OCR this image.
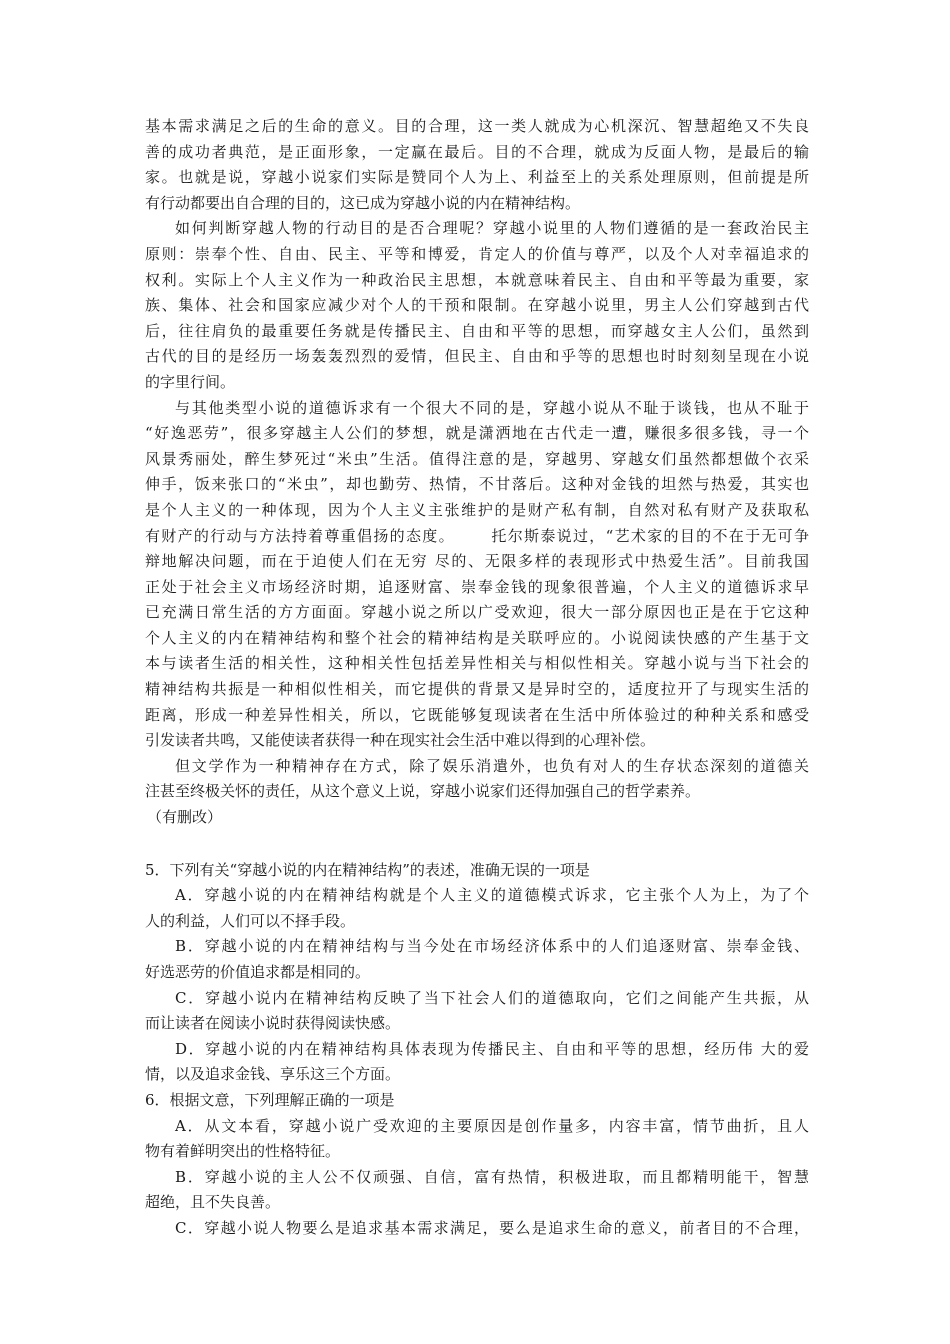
基本需求满足之后的生命的意义。目的合理，这一类人就成为心机深沉、智慧超绝又不失良
善的成功者典范，是正面形象，一定赢在最后。目的不合理，就成为反面人物，是最后的输
家。也就是说，穿越小说家们实际是赞同个人为上、利益至上的关系处理原则，但前提是所
有行动都要出自合理的目的，这已成为穿越小说的内在精神结构。
如何判断穿越人物的行动目的是否合理呢？穿越小说里的人物们遵循的是一套政治民主
原则：崇奉个性、自由、民主、平等和博爱，肯定人的价值与尊严，以及个人对幸福追求的
权利。实际上个人主义作为一种政治民主思想，本就意味着民主、自由和平等最为重要，家
族、集体、社会和国家应减少对个人的干预和限制。在穿越小说里，男主人公们穿越到古代
后，往往肩负的最重要任务就是传播民主、自由和平等的思想，而穿越女主人公们，虽然到
古代的目的是经历一场轰轰烈烈的爱情，但民主、自由和乎等的思想也时时刻刻呈现在小说
的字里行间。
与其他类型小说的道德诉求有一个很大不同的是，穿越小说从不耻于谈钱，也从不耻于
“好逸恶劳”，很多穿越主人公们的梦想，就是潇洒地在古代走一遭，赚很多很多钱，寻一个
风景秀丽处，醉生梦死过“米虫”生活。值得注意的是，穿越男、穿越女们虽然都想做个衣采
伸手，饭来张口的“米虫”，却也勤劳、热情，不甘落后。这种对金钱的坦然与热爱，其实也
是个人主义的一种体现，因为个人主义主张维护的是财产私有制，自然对私有财产及获取私
有财产的行动与方法持着尊重倡扬的态度。      托尔斯泰说过，“艺术家的目的不在于无可争
辩地解决问题，而在于迫使人们在无穷 尽的、无限多样的表现形式中热爱生活”。目前我国
正处于社会主义市场经济时期，追逐财富、崇奉金钱的现象很普遍，个人主义的道德诉求早
已充满日常生活的方方面面。穿越小说之所以广受欢迎，很大一部分原因也正是在于它这种
个人主义的内在精神结构和整个社会的精神结构是关联呼应的。小说阅读快感的产生基于文
本与读者生活的相关性，这种相关性包括差异性相关与相似性相关。穿越小说与当下社会的
精神结构共振是一种相似性相关，而它提供的背景又是异时空的，适度拉开了与现实生活的
距离，形成一种差异性相关，所以，它既能够复现读者在生活中所体验过的种种关系和感受
引发读者共鸣，又能使读者获得一种在现实社会生活中难以得到的心理补偿。
但文学作为一种精神存在方式，除了娱乐消遣外，也负有对人的生存状态深刻的道德关
注甚至终极关怀的责任，从这个意义上说，穿越小说家们还得加强自己的哲学素养。
（有删改）
5．下列有关“穿越小说的内在精神结构”的表述，准确无误的一项是
A．穿越小说的内在精神结构就是个人主义的道德模式诉求，它主张个人为上，为了个
人的利益，人们可以不择手段。
B．穿越小说的内在精神结构与当今处在市场经济体系中的人们追逐财富、崇奉金钱、
好选恶劳的价值追求都是相同的。
C．穿越小说内在精神结构反映了当下社会人们的道德取向，它们之间能产生共振，从
而让读者在阅读小说时获得阅读快感。
D．穿越小说的内在精神结构具体表现为传播民主、自由和平等的思想，经历伟 大的爱
情，以及追求金钱、享乐这三个方面。
6．根据文意，下列理解正确的一项是
A．从文本看，穿越小说广受欢迎的主要原因是创作量多，内容丰富，情节曲折，且人
物有着鲜明突出的性格特征。
B．穿越小说的主人公不仅顽强、自信，富有热情，积极进取，而且都精明能干，智慧
超绝，且不失良善。
C．穿越小说人物要么是追求基本需求满足，要么是追求生命的意义，前者目的不合理，
